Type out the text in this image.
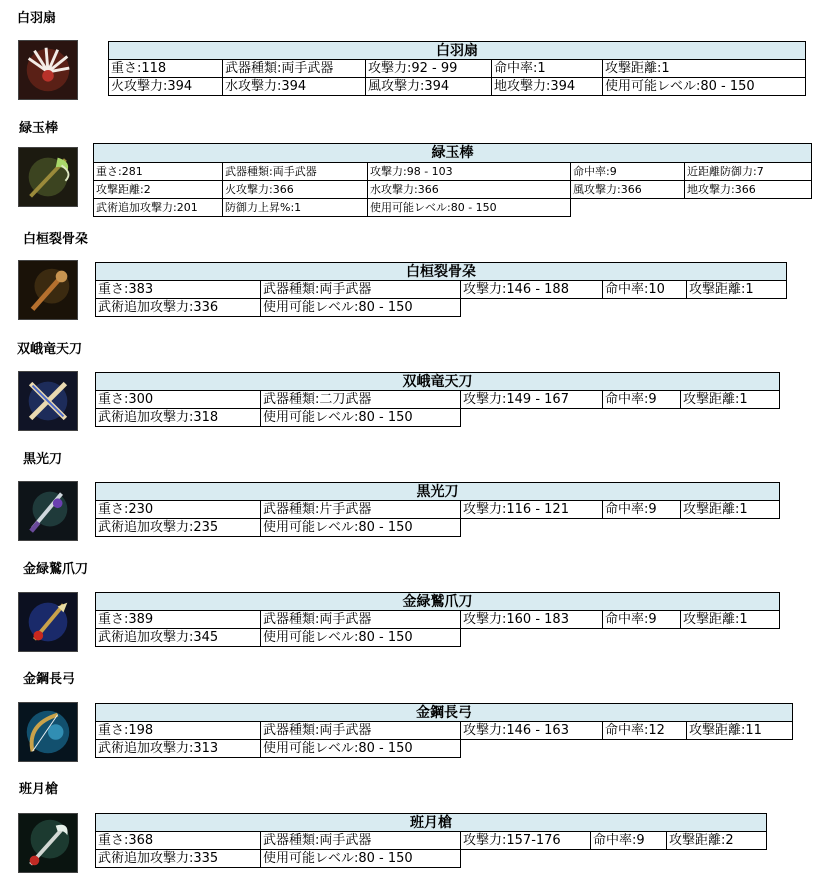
白羽扇
白羽扇				
重さ:118	武器種類:両手武器	攻撃力:92 - 99	命中率:1	攻撃距離:1
火攻撃力:394	水攻撃力:394	風攻撃力:394	地攻撃力:394	使用可能レベル:80 - 150
緑玉棒
緑玉棒				
重さ:281	武器種類:両手武器	攻撃力:98 - 103	命中率:9	近距離防御力:7
攻撃距離:2	火攻撃力:366	水攻撃力:366	風攻撃力:366	地攻撃力:366
武術追加攻撃力:201	防御力上昇%:1	使用可能レベル:80 - 150		
白桓裂骨朶
白桓裂骨朶				
重さ:383	武器種類:両手武器	攻撃力:146 - 188	命中率:10	攻撃距離:1
武術追加攻撃力:336	使用可能レベル:80 - 150			
双峨竜天刀
双峨竜天刀				
重さ:300	武器種類:二刀武器	攻撃力:149 - 167	命中率:9	攻撃距離:1
武術追加攻撃力:318	使用可能レベル:80 - 150			
黒光刀
黒光刀				
重さ:230	武器種類:片手武器	攻撃力:116 - 121	命中率:9	攻撃距離:1
武術追加攻撃力:235	使用可能レベル:80 - 150			
金緑鷲爪刀
金緑鷲爪刀				
重さ:389	武器種類:両手武器	攻撃力:160 - 183	命中率:9	攻撃距離:1
武術追加攻撃力:345	使用可能レベル:80 - 150			
金鋼長弓
金鋼長弓				
重さ:198	武器種類:両手武器	攻撃力:146 - 163	命中率:12	攻撃距離:11
武術追加攻撃力:313	使用可能レベル:80 - 150			
班月槍
班月槍				
重さ:368	武器種類:両手武器	攻撃力:157-176	命中率:9	攻撃距離:2
武術追加攻撃力:335	使用可能レベル:80 - 150			
